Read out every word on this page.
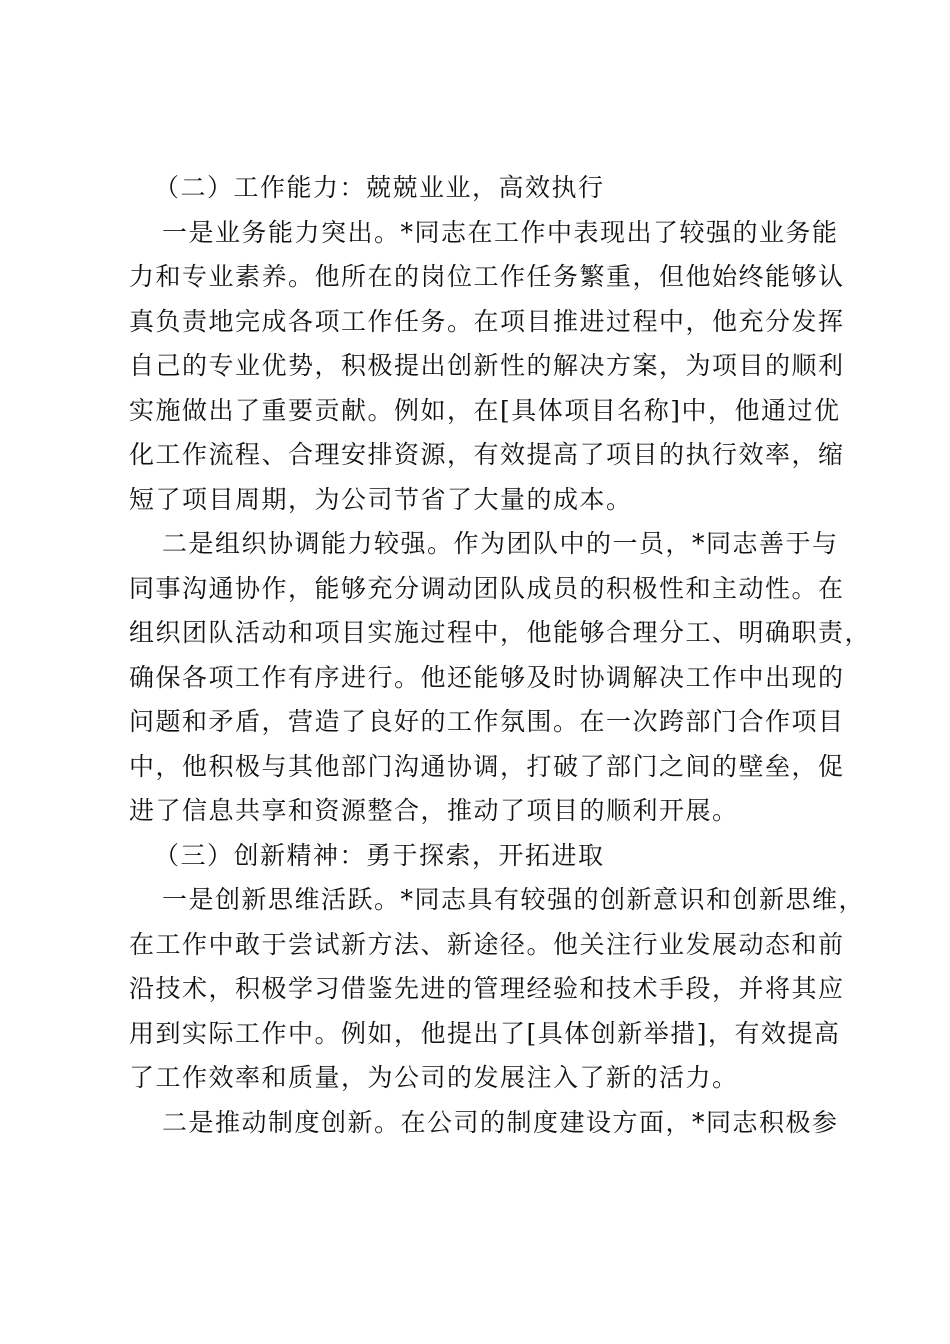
（二）工作能力：兢兢业业，高效执行

一是业务能力突出。*同志在工作中表现出了较强的业务能
力和专业素养。他所在的岗位工作任务繁重，但他始终能够认
真负责地完成各项工作任务。在项目推进过程中，他充分发挥
自己的专业优势，积极提出创新性的解决方案，为项目的顺利
实施做出了重要贡献。例如，在[具体项目名称]中，他通过优
化工作流程、合理安排资源，有效提高了项目的执行效率，缩
短了项目周期，为公司节省了大量的成本。

二是组织协调能力较强。作为团队中的一员，*同志善于与
同事沟通协作，能够充分调动团队成员的积极性和主动性。在
组织团队活动和项目实施过程中，他能够合理分工、明确职责，
确保各项工作有序进行。他还能够及时协调解决工作中出现的
问题和矛盾，营造了良好的工作氛围。在一次跨部门合作项目
中，他积极与其他部门沟通协调，打破了部门之间的壁垒，促
进了信息共享和资源整合，推动了项目的顺利开展。

（三）创新精神：勇于探索，开拓进取

一是创新思维活跃。*同志具有较强的创新意识和创新思维，
在工作中敢于尝试新方法、新途径。他关注行业发展动态和前
沿技术，积极学习借鉴先进的管理经验和技术手段，并将其应
用到实际工作中。例如，他提出了[具体创新举措]，有效提高
了工作效率和质量，为公司的发展注入了新的活力。

二是推动制度创新。在公司的制度建设方面，*同志积极参
